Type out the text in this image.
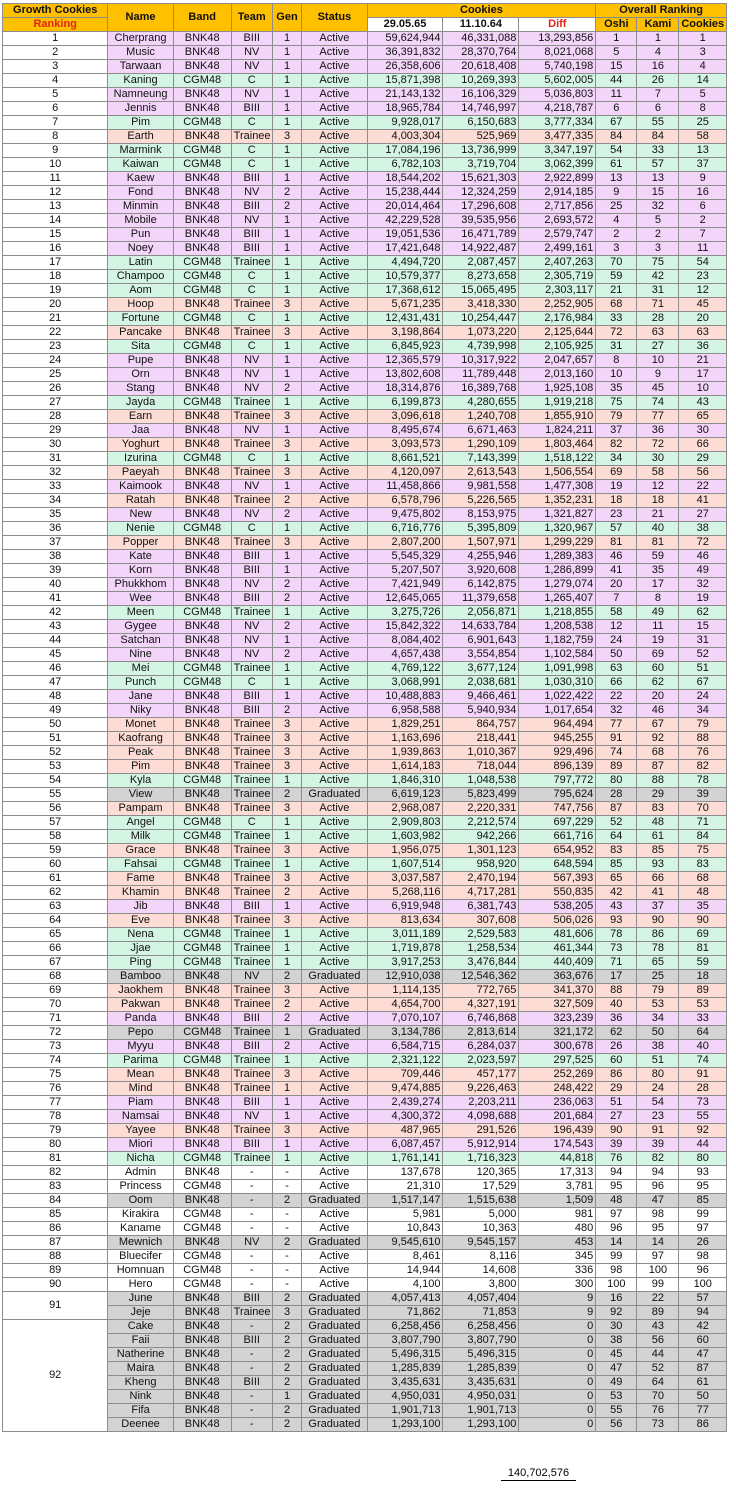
Growth Cookies	Name	Band	Team	Gen	Status	Cookies			Overall Ranking		
Ranking						29.05.65	11.10.64	Diff	Oshi	Kami	Cookies
1	Cherprang	BNK48	BIII	1	Active	59,624,944	46,331,088	13,293,856	1	1	1
2	Music	BNK48	NV	1	Active	36,391,832	28,370,764	8,021,068	5	4	3
3	Tarwaan	BNK48	NV	1	Active	26,358,606	20,618,408	5,740,198	15	16	4
4	Kaning	CGM48	C	1	Active	15,871,398	10,269,393	5,602,005	44	26	14
5	Namneung	BNK48	NV	1	Active	21,143,132	16,106,329	5,036,803	11	7	5
6	Jennis	BNK48	BIII	1	Active	18,965,784	14,746,997	4,218,787	6	6	8
7	Pim	CGM48	C	1	Active	9,928,017	6,150,683	3,777,334	67	55	25
8	Earth	BNK48	Trainee	3	Active	4,003,304	525,969	3,477,335	84	84	58
9	Marmink	CGM48	C	1	Active	17,084,196	13,736,999	3,347,197	54	33	13
10	Kaiwan	CGM48	C	1	Active	6,782,103	3,719,704	3,062,399	61	57	37
11	Kaew	BNK48	BIII	1	Active	18,544,202	15,621,303	2,922,899	13	13	9
12	Fond	BNK48	NV	2	Active	15,238,444	12,324,259	2,914,185	9	15	16
13	Minmin	BNK48	BIII	2	Active	20,014,464	17,296,608	2,717,856	25	32	6
14	Mobile	BNK48	NV	1	Active	42,229,528	39,535,956	2,693,572	4	5	2
15	Pun	BNK48	BIII	1	Active	19,051,536	16,471,789	2,579,747	2	2	7
16	Noey	BNK48	BIII	1	Active	17,421,648	14,922,487	2,499,161	3	3	11
17	Latin	CGM48	Trainee	1	Active	4,494,720	2,087,457	2,407,263	70	75	54
18	Champoo	CGM48	C	1	Active	10,579,377	8,273,658	2,305,719	59	42	23
19	Aom	CGM48	C	1	Active	17,368,612	15,065,495	2,303,117	21	31	12
20	Hoop	BNK48	Trainee	3	Active	5,671,235	3,418,330	2,252,905	68	71	45
21	Fortune	CGM48	C	1	Active	12,431,431	10,254,447	2,176,984	33	28	20
22	Pancake	BNK48	Trainee	3	Active	3,198,864	1,073,220	2,125,644	72	63	63
23	Sita	CGM48	C	1	Active	6,845,923	4,739,998	2,105,925	31	27	36
24	Pupe	BNK48	NV	1	Active	12,365,579	10,317,922	2,047,657	8	10	21
25	Orn	BNK48	NV	1	Active	13,802,608	11,789,448	2,013,160	10	9	17
26	Stang	BNK48	NV	2	Active	18,314,876	16,389,768	1,925,108	35	45	10
27	Jayda	CGM48	Trainee	1	Active	6,199,873	4,280,655	1,919,218	75	74	43
28	Earn	BNK48	Trainee	3	Active	3,096,618	1,240,708	1,855,910	79	77	65
29	Jaa	BNK48	NV	1	Active	8,495,674	6,671,463	1,824,211	37	36	30
30	Yoghurt	BNK48	Trainee	3	Active	3,093,573	1,290,109	1,803,464	82	72	66
31	Izurina	CGM48	C	1	Active	8,661,521	7,143,399	1,518,122	34	30	29
32	Paeyah	BNK48	Trainee	3	Active	4,120,097	2,613,543	1,506,554	69	58	56
33	Kaimook	BNK48	NV	1	Active	11,458,866	9,981,558	1,477,308	19	12	22
34	Ratah	BNK48	Trainee	2	Active	6,578,796	5,226,565	1,352,231	18	18	41
35	New	BNK48	NV	2	Active	9,475,802	8,153,975	1,321,827	23	21	27
36	Nenie	CGM48	C	1	Active	6,716,776	5,395,809	1,320,967	57	40	38
37	Popper	BNK48	Trainee	3	Active	2,807,200	1,507,971	1,299,229	81	81	72
38	Kate	BNK48	BIII	1	Active	5,545,329	4,255,946	1,289,383	46	59	46
39	Korn	BNK48	BIII	1	Active	5,207,507	3,920,608	1,286,899	41	35	49
40	Phukkhom	BNK48	NV	2	Active	7,421,949	6,142,875	1,279,074	20	17	32
41	Wee	BNK48	BIII	2	Active	12,645,065	11,379,658	1,265,407	7	8	19
42	Meen	CGM48	Trainee	1	Active	3,275,726	2,056,871	1,218,855	58	49	62
43	Gygee	BNK48	NV	2	Active	15,842,322	14,633,784	1,208,538	12	11	15
44	Satchan	BNK48	NV	1	Active	8,084,402	6,901,643	1,182,759	24	19	31
45	Nine	BNK48	NV	2	Active	4,657,438	3,554,854	1,102,584	50	69	52
46	Mei	CGM48	Trainee	1	Active	4,769,122	3,677,124	1,091,998	63	60	51
47	Punch	CGM48	C	1	Active	3,068,991	2,038,681	1,030,310	66	62	67
48	Jane	BNK48	BIII	1	Active	10,488,883	9,466,461	1,022,422	22	20	24
49	Niky	BNK48	BIII	2	Active	6,958,588	5,940,934	1,017,654	32	46	34
50	Monet	BNK48	Trainee	3	Active	1,829,251	864,757	964,494	77	67	79
51	Kaofrang	BNK48	Trainee	3	Active	1,163,696	218,441	945,255	91	92	88
52	Peak	BNK48	Trainee	3	Active	1,939,863	1,010,367	929,496	74	68	76
53	Pim	BNK48	Trainee	3	Active	1,614,183	718,044	896,139	89	87	82
54	Kyla	CGM48	Trainee	1	Active	1,846,310	1,048,538	797,772	80	88	78
55	View	BNK48	Trainee	2	Graduated	6,619,123	5,823,499	795,624	28	29	39
56	Pampam	BNK48	Trainee	3	Active	2,968,087	2,220,331	747,756	87	83	70
57	Angel	CGM48	C	1	Active	2,909,803	2,212,574	697,229	52	48	71
58	Milk	CGM48	Trainee	1	Active	1,603,982	942,266	661,716	64	61	84
59	Grace	BNK48	Trainee	3	Active	1,956,075	1,301,123	654,952	83	85	75
60	Fahsai	CGM48	Trainee	1	Active	1,607,514	958,920	648,594	85	93	83
61	Fame	BNK48	Trainee	3	Active	3,037,587	2,470,194	567,393	65	66	68
62	Khamin	BNK48	Trainee	2	Active	5,268,116	4,717,281	550,835	42	41	48
63	Jib	BNK48	BIII	1	Active	6,919,948	6,381,743	538,205	43	37	35
64	Eve	BNK48	Trainee	3	Active	813,634	307,608	506,026	93	90	90
65	Nena	CGM48	Trainee	1	Active	3,011,189	2,529,583	481,606	78	86	69
66	Jjae	CGM48	Trainee	1	Active	1,719,878	1,258,534	461,344	73	78	81
67	Ping	CGM48	Trainee	1	Active	3,917,253	3,476,844	440,409	71	65	59
68	Bamboo	BNK48	NV	2	Graduated	12,910,038	12,546,362	363,676	17	25	18
69	Jaokhem	BNK48	Trainee	3	Active	1,114,135	772,765	341,370	88	79	89
70	Pakwan	BNK48	Trainee	2	Active	4,654,700	4,327,191	327,509	40	53	53
71	Panda	BNK48	BIII	2	Active	7,070,107	6,746,868	323,239	36	34	33
72	Pepo	CGM48	Trainee	1	Graduated	3,134,786	2,813,614	321,172	62	50	64
73	Myyu	BNK48	BIII	2	Active	6,584,715	6,284,037	300,678	26	38	40
74	Parima	CGM48	Trainee	1	Active	2,321,122	2,023,597	297,525	60	51	74
75	Mean	BNK48	Trainee	3	Active	709,446	457,177	252,269	86	80	91
76	Mind	BNK48	Trainee	1	Active	9,474,885	9,226,463	248,422	29	24	28
77	Piam	BNK48	BIII	1	Active	2,439,274	2,203,211	236,063	51	54	73
78	Namsai	BNK48	NV	1	Active	4,300,372	4,098,688	201,684	27	23	55
79	Yayee	BNK48	Trainee	3	Active	487,965	291,526	196,439	90	91	92
80	Miori	BNK48	BIII	1	Active	6,087,457	5,912,914	174,543	39	39	44
81	Nicha	CGM48	Trainee	1	Active	1,761,141	1,716,323	44,818	76	82	80
82	Admin	BNK48	-	-	Active	137,678	120,365	17,313	94	94	93
83	Princess	CGM48	-	-	Active	21,310	17,529	3,781	95	96	95
84	Oom	BNK48	-	2	Graduated	1,517,147	1,515,638	1,509	48	47	85
85	Kirakira	CGM48	-	-	Active	5,981	5,000	981	97	98	99
86	Kaname	CGM48	-	-	Active	10,843	10,363	480	96	95	97
87	Mewnich	BNK48	NV	2	Graduated	9,545,610	9,545,157	453	14	14	26
88	Bluecifer	CGM48	-	-	Active	8,461	8,116	345	99	97	98
89	Homnuan	CGM48	-	-	Active	14,944	14,608	336	98	100	96
90	Hero	CGM48	-	-	Active	4,100	3,800	300	100	99	100
91	June	BNK48	BIII	2	Graduated	4,057,413	4,057,404	9	16	22	57
	Jeje	BNK48	Trainee	3	Graduated	71,862	71,853	9	92	89	94
92	Cake	BNK48	-	2	Graduated	6,258,456	6,258,456	0	30	43	42
	Faii	BNK48	BIII	2	Graduated	3,807,790	3,807,790	0	38	56	60
	Natherine	BNK48	-	2	Graduated	5,496,315	5,496,315	0	45	44	47
	Maira	BNK48	-	2	Graduated	1,285,839	1,285,839	0	47	52	87
	Kheng	BNK48	BIII	2	Graduated	3,435,631	3,435,631	0	49	64	61
	Nink	BNK48	-	1	Graduated	4,950,031	4,950,031	0	53	70	50
	Fifa	BNK48	-	2	Graduated	1,901,713	1,901,713	0	55	76	77
	Deenee	BNK48	-	2	Graduated	1,293,100	1,293,100	0	56	73	86
140,702,576
